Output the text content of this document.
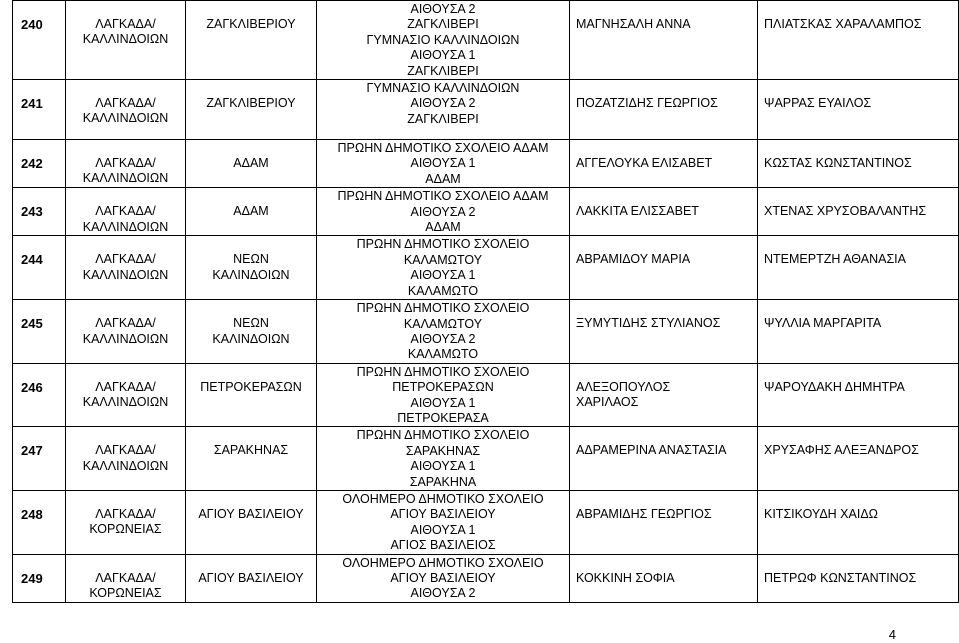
240	ΛΑΓΚΑΔΑ/
ΚΑΛΛΙΝΔΟΙΩΝ	ΖΑΓΚΛΙΒΕΡΙΟΥ	ΑΙΘΟΥΣΑ 2
ΖΑΓΚΛΙΒΕΡΙ
ΓΥΜΝΑΣΙΟ ΚΑΛΛΙΝΔΟΙΩΝ
ΑΙΘΟΥΣΑ 1
ΖΑΓΚΛΙΒΕΡΙ	ΜΑΓΝΗΣΑΛΗ ΑΝΝΑ	ΠΛΙΑΤΣΚΑΣ ΧΑΡΑΛΑΜΠΟΣ
241	ΛΑΓΚΑΔΑ/
ΚΑΛΛΙΝΔΟΙΩΝ	ΖΑΓΚΛΙΒΕΡΙΟΥ	ΓΥΜΝΑΣΙΟ ΚΑΛΛΙΝΔΟΙΩΝ
ΑΙΘΟΥΣΑ 2
ΖΑΓΚΛΙΒΕΡΙ	ΠΟΖΑΤΖΙΔΗΣ ΓΕΩΡΓΙΟΣ	ΨΑΡΡΑΣ ΕΥΑΙΛΟΣ
242	ΛΑΓΚΑΔΑ/
ΚΑΛΛΙΝΔΟΙΩΝ	ΑΔΑΜ	ΠΡΩΗΝ ΔΗΜΟΤΙΚΟ ΣΧΟΛΕΙΟ ΑΔΑΜ
ΑΙΘΟΥΣΑ 1
ΑΔΑΜ	ΑΓΓΕΛΟΥΚΑ ΕΛΙΣΑΒΕΤ	ΚΩΣΤΑΣ ΚΩΝΣΤΑΝΤΙΝΟΣ
243	ΛΑΓΚΑΔΑ/
ΚΑΛΛΙΝΔΟΙΩΝ	ΑΔΑΜ	ΠΡΩΗΝ ΔΗΜΟΤΙΚΟ ΣΧΟΛΕΙΟ ΑΔΑΜ
ΑΙΘΟΥΣΑ 2
ΑΔΑΜ	ΛΑΚΚΙΤΑ ΕΛΙΣΣΑΒΕΤ	ΧΤΕΝΑΣ ΧΡΥΣΟΒΑΛΑΝΤΗΣ
244	ΛΑΓΚΑΔΑ/
ΚΑΛΛΙΝΔΟΙΩΝ	ΝΕΩΝ
ΚΑΛΙΝΔΟΙΩΝ	ΠΡΩΗΝ ΔΗΜΟΤΙΚΟ ΣΧΟΛΕΙΟ
ΚΑΛΑΜΩΤΟΥ
ΑΙΘΟΥΣΑ 1
ΚΑΛΑΜΩΤΟ	ΑΒΡΑΜΙΔΟΥ ΜΑΡΙΑ	ΝΤΕΜΕΡΤΖΗ ΑΘΑΝΑΣΙΑ
245	ΛΑΓΚΑΔΑ/
ΚΑΛΛΙΝΔΟΙΩΝ	ΝΕΩΝ
ΚΑΛΙΝΔΟΙΩΝ	ΠΡΩΗΝ ΔΗΜΟΤΙΚΟ ΣΧΟΛΕΙΟ
ΚΑΛΑΜΩΤΟΥ
ΑΙΘΟΥΣΑ 2
ΚΑΛΑΜΩΤΟ	ΞΥΜΥΤΙΔΗΣ ΣΤΥΛΙΑΝΟΣ	ΨΥΛΛΙΑ ΜΑΡΓΑΡΙΤΑ
246	ΛΑΓΚΑΔΑ/
ΚΑΛΛΙΝΔΟΙΩΝ	ΠΕΤΡΟΚΕΡΑΣΩΝ	ΠΡΩΗΝ ΔΗΜΟΤΙΚΟ ΣΧΟΛΕΙΟ
ΠΕΤΡΟΚΕΡΑΣΩΝ
ΑΙΘΟΥΣΑ 1
ΠΕΤΡΟΚΕΡΑΣΑ	ΑΛΕΞΟΠΟΥΛΟΣ
ΧΑΡΙΛΑΟΣ	ΨΑΡΟΥΔΑΚΗ ΔΗΜΗΤΡΑ
247	ΛΑΓΚΑΔΑ/
ΚΑΛΛΙΝΔΟΙΩΝ	ΣΑΡΑΚΗΝΑΣ	ΠΡΩΗΝ ΔΗΜΟΤΙΚΟ ΣΧΟΛΕΙΟ
ΣΑΡΑΚΗΝΑΣ
ΑΙΘΟΥΣΑ 1
ΣΑΡΑΚΗΝΑ	ΑΔΡΑΜΕΡΙΝΑ ΑΝΑΣΤΑΣΙΑ	ΧΡΥΣΑΦΗΣ ΑΛΕΞΑΝΔΡΟΣ
248	ΛΑΓΚΑΔΑ/
ΚΟΡΩΝΕΙΑΣ	ΑΓΙΟΥ ΒΑΣΙΛΕΙΟΥ	ΟΛΟΗΜΕΡΟ ΔΗΜΟΤΙΚΟ ΣΧΟΛΕΙΟ
ΑΓΙΟΥ ΒΑΣΙΛΕΙΟΥ
ΑΙΘΟΥΣΑ 1
ΑΓΙΟΣ ΒΑΣΙΛΕΙΟΣ	ΑΒΡΑΜΙΔΗΣ ΓΕΩΡΓΙΟΣ	ΚΙΤΣΙΚΟΥΔΗ ΧΑΙΔΩ
249	ΛΑΓΚΑΔΑ/
ΚΟΡΩΝΕΙΑΣ	ΑΓΙΟΥ ΒΑΣΙΛΕΙΟΥ	ΟΛΟΗΜΕΡΟ ΔΗΜΟΤΙΚΟ ΣΧΟΛΕΙΟ
ΑΓΙΟΥ ΒΑΣΙΛΕΙΟΥ
ΑΙΘΟΥΣΑ 2	ΚΟΚΚΙΝΗ ΣΟΦΙΑ	ΠΕΤΡΩΦ ΚΩΝΣΤΑΝΤΙΝΟΣ
4
